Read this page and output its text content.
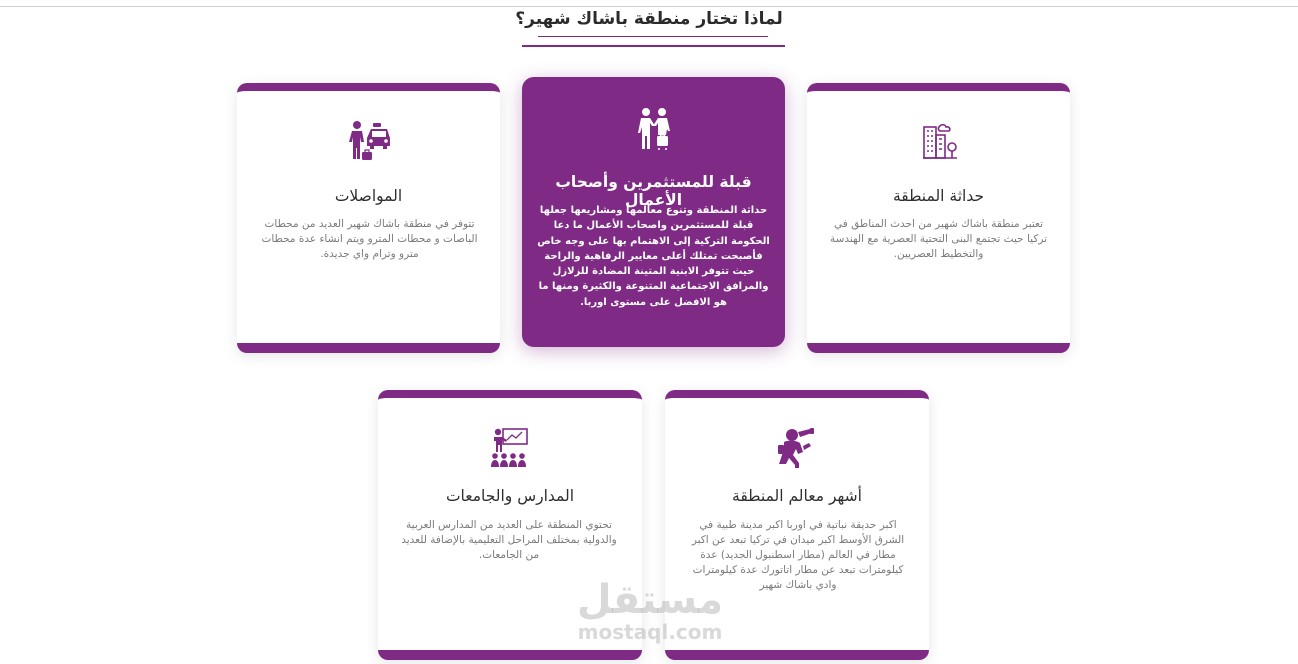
لماذا تختار منطقة باشاك شهير؟
حداثة المنطقة

تعتبر منطقة باشاك شهير من احدث المناطق في تركيا حيث تجتمع البنى التحتية العصرية مع الهندسة والتخطيط العصريين.

قبلة للمستثمرين وأصحاب الأعمال

حداثة المنطقة وتنوع معالمها ومشاريعها جعلها قبلة للمستثمرين واصحاب الأعمال ما دعا الحكومة التركية إلى الاهتمام بها على وجه خاص فأصبحت تمتلك أعلى معايير الرفاهية والراحة حيث تتوفر الابنية المتينة المضادة للزلازل والمرافق الاجتماعية المتنوعة والكثيرة ومنها ما هو الافضل على مستوى اوربا.

المواصلات

تتوفر في منطقة باشاك شهير العديد من محطات الباصات و محطات المترو ويتم انشاء عدة محطات مترو وترام واي جديدة.

أشهر معالم المنطقة

اكبر حديقة نباتية في اوربا اكبر مدينة طبية في الشرق الأوسط اكبر ميدان في تركيا تبعد عن اكبر مطار في العالم (مطار اسطنبول الجديد) عدة كيلومترات تبعد عن مطار اتاتورك عدة كيلومترات وادي باشاك شهير

المدارس والجامعات

تحتوي المنطقة على العديد من المدارس العربية والدولية بمختلف المراحل التعليمية بالإضافة للعديد من الجامعات.

مستقل
mostaql.com
